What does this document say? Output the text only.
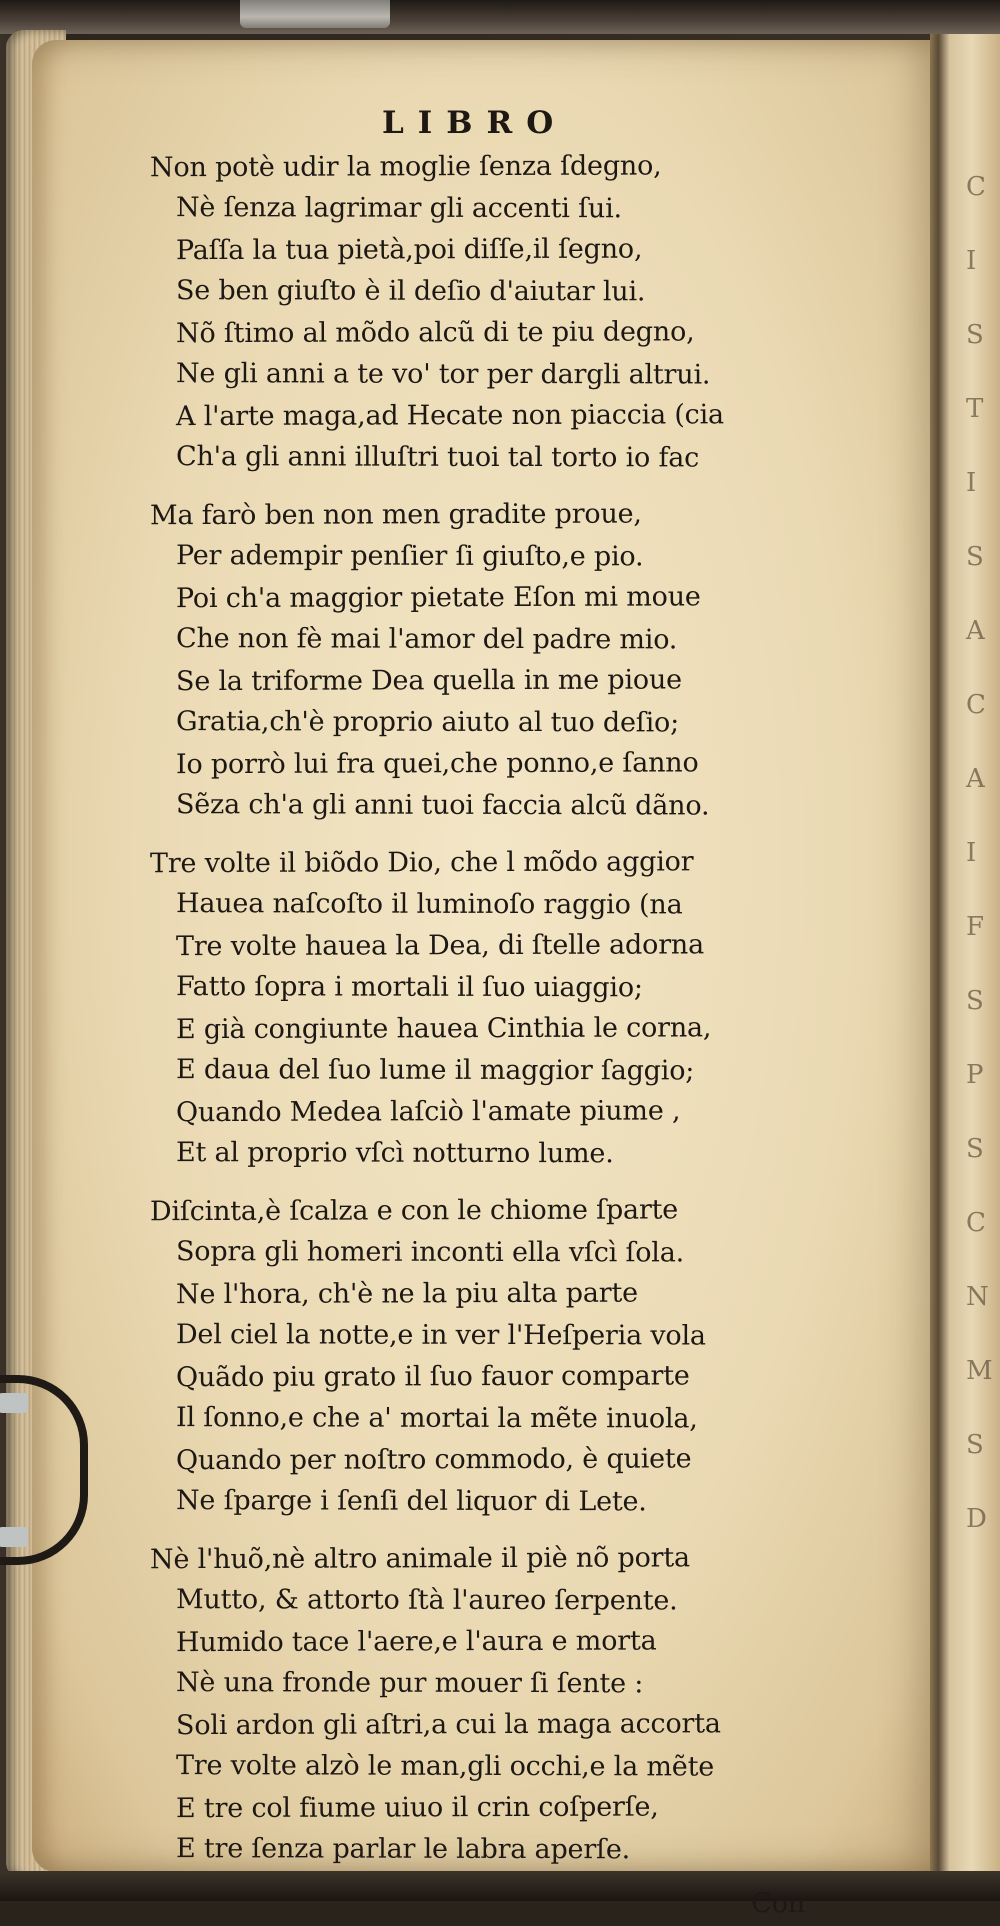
C
I
S
T
I
S
A
C
A
I
F
S
P
S
C
N
M
S
D
LIBRO
Non potè udir la moglie ſenza ſdegno,
Nè ſenza lagrimar gli accenti ſui.
Paſſa la tua pietà,poi diſſe,il ſegno,
Se ben giuſto è il deſio d'aiutar lui.
Nõ ſtimo al mõdo alcũ di te piu degno,
Ne gli anni a te vo' tor per dargli altrui.
A l'arte maga,ad Hecate non piaccia (cia
Ch'a gli anni illuſtri tuoi tal torto io fac
Ma farò ben non men gradite proue,
Per adempir penſier ſi giuſto,e pio.
Poi ch'a maggior pietate Eſon mi moue
Che non fè mai l'amor del padre mio.
Se la triforme Dea quella in me pioue
Gratia,ch'è proprio aiuto al tuo deſio;
Io porrò lui fra quei,che ponno,e ſanno
Sẽza ch'a gli anni tuoi faccia alcũ dãno.
Tre volte il biõdo Dio, che l mõdo aggior
Hauea naſcoſto il luminoſo raggio (na
Tre volte hauea la Dea, di ſtelle adorna
Fatto ſopra i mortali il ſuo uiaggio;
E già congiunte hauea Cinthia le corna,
E daua del ſuo lume il maggior ſaggio;
Quando Medea laſciò l'amate piume ,
Et al proprio vſcì notturno lume.
Diſcinta,è ſcalza e con le chiome ſparte
Sopra gli homeri inconti ella vſcì ſola.
Ne l'hora, ch'è ne la piu alta parte
Del ciel la notte,e in ver l'Heſperia vola
Quãdo piu grato il ſuo fauor comparte
Il ſonno,e che a' mortai la mẽte inuola,
Quando per noſtro commodo, è quiete
Ne ſparge i ſenſi del liquor di Lete.
Nè l'huõ,nè altro animale il piè nõ porta
Mutto, & attorto ſtà l'aureo ſerpente.
Humido tace l'aere,e l'aura e morta
Nè una fronde pur mouer ſi ſente :
Soli ardon gli aſtri,a cui la maga accorta
Tre volte alzò le man,gli occhi,e la mẽte
E tre col fiume uiuo il crin coſperſe,
E tre ſenza parlar le labra aperſe.
Con
